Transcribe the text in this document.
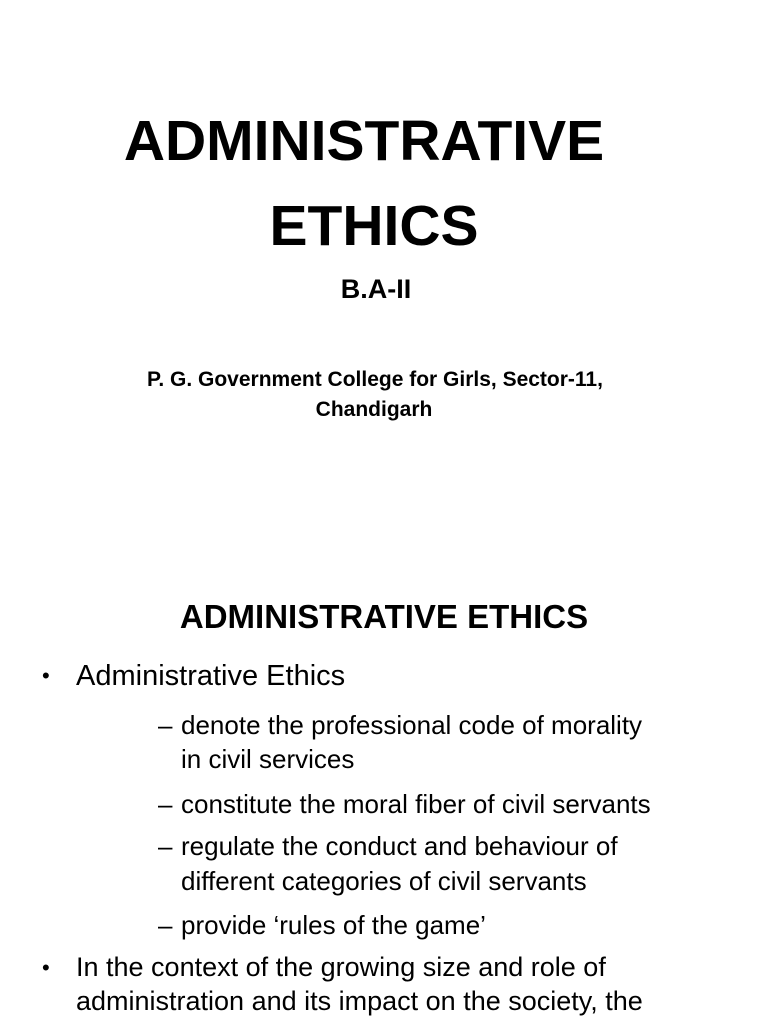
ADMINISTRATIVE
ETHICS
B.A-II
P. G. Government College for Girls, Sector-11,
Chandigarh
ADMINISTRATIVE ETHICS
• Administrative Ethics
– denote the professional code of morality
in civil services
– constitute the moral fiber of civil servants
– regulate the conduct and behaviour of
different categories of civil servants
– provide ‘rules of the game’
• In the context of the growing size and role of
administration and its impact on the society, the
